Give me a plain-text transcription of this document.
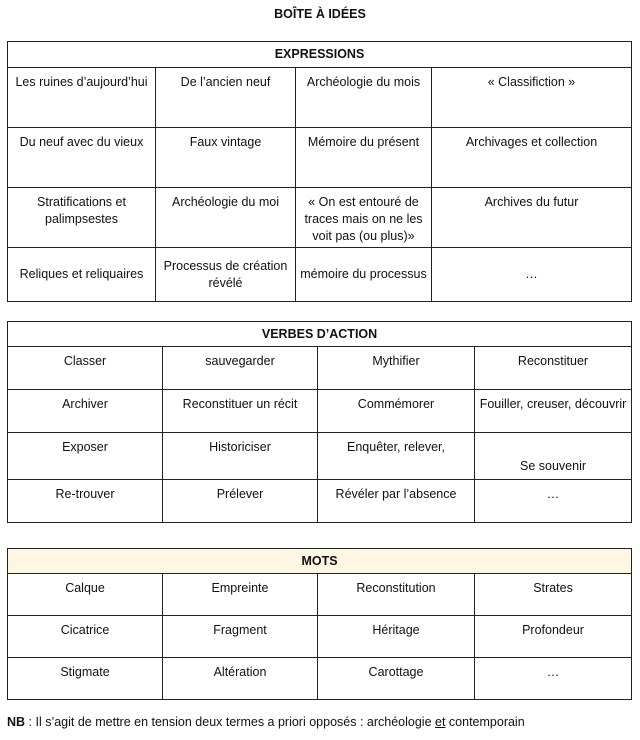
BOÎTE À IDÉES
EXPRESSIONS			
Les ruines d’aujourd’hui	De l’ancien neuf	Archéologie du mois	« Classifiction »
Du neuf avec du vieux	Faux vintage	Mémoire du présent	Archivages et collection
Stratifications et palimpsestes	Archéologie du moi	« On est entouré de traces mais on ne les voit pas (ou plus)»	Archives du futur
Reliques et reliquaires	Processus de création révélé	mémoire du processus	…
VERBES D’ACTION			
Classer	sauvegarder	Mythifier	Reconstituer
Archiver	Reconstituer un récit	Commémorer	Fouiller, creuser, découvrir
Exposer	Historiciser	Enquêter, relever,	Se souvenir
Re-trouver	Prélever	Révéler par l’absence	…
MOTS			
Calque	Empreinte	Reconstitution	Strates
Cicatrice	Fragment	Héritage	Profondeur
Stigmate	Altération	Carottage	…
NB : Il s’agit de mettre en tension deux termes a priori opposés : archéologie et contemporain
